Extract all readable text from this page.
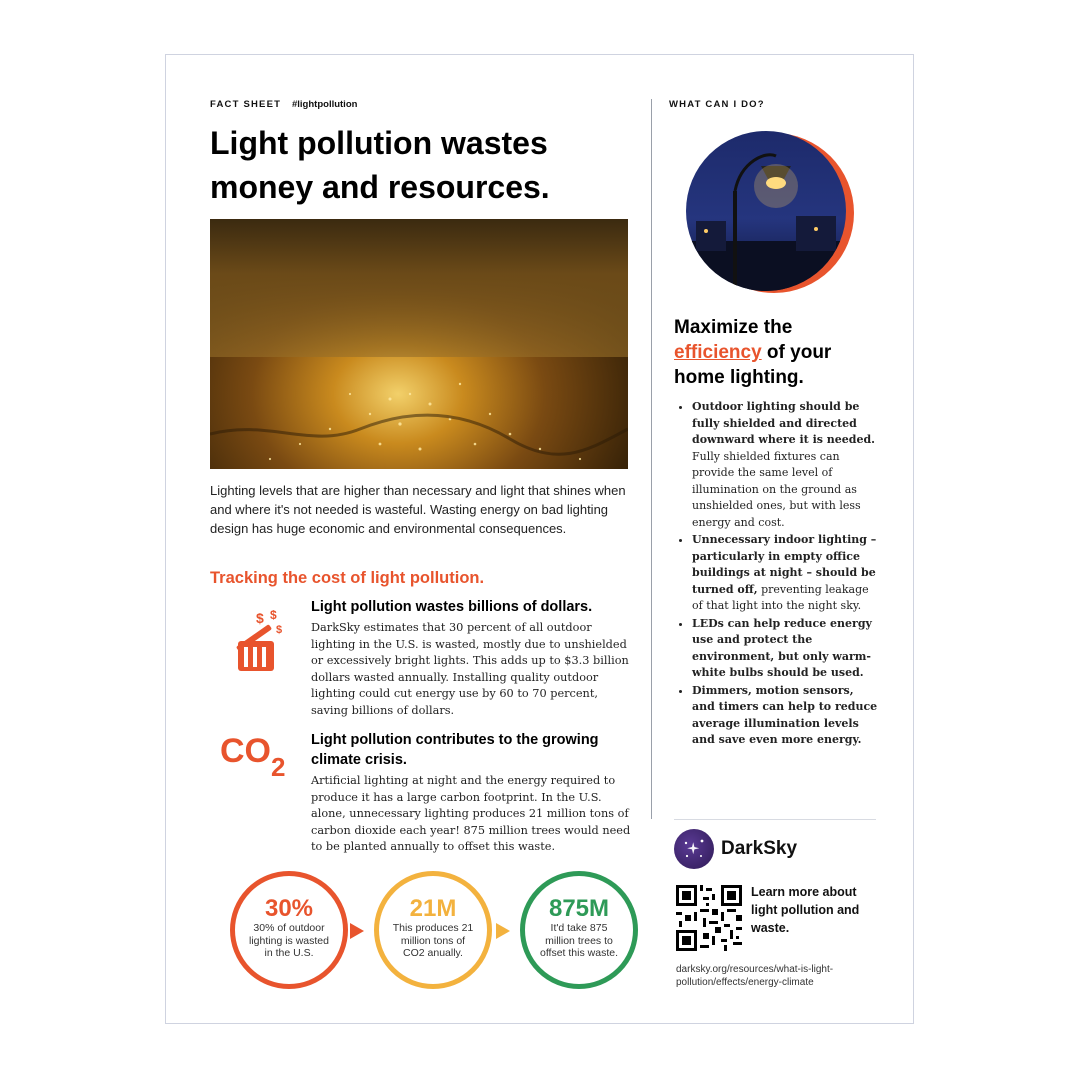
FACT SHEET #lightpollution
Light pollution wastes
money and resources.
Lighting levels that are higher than necessary and light that shines when and where it's not needed is wasteful. Wasting energy on bad lighting design has huge economic and environmental consequences.
Tracking the cost of light pollution.
$ $
$
Light pollution wastes billions of dollars.
DarkSky estimates that 30 percent of all outdoor lighting in the U.S. is wasted, mostly due to unshielded or excessively bright lights. This adds up to $3.3 billion dollars wasted annually. Installing quality outdoor lighting could cut energy use by 60 to 70 percent, saving billions of dollars.
CO2
Light pollution contributes to the growing climate crisis.
Artificial lighting at night and the energy required to produce it has a large carbon footprint. In the U.S. alone, unnecessary lighting produces 21 million tons of carbon dioxide each year! 875 million trees would need to be planted annually to offset this waste.
30%
30% of outdoor lighting is wasted in the U.S.
21M
This produces 21 million tons of CO2 anually.
875M
It'd take 875 million trees to offset this waste.
WHAT CAN I DO?
Maximize the
efficiency of your
home lighting.
• Outdoor lighting should be fully shielded and directed downward where it is needed. Fully shielded fixtures can provide the same level of illumination on the ground as unshielded ones, but with less energy and cost.
• Unnecessary indoor lighting – particularly in empty office buildings at night – should be turned off, preventing leakage of that light into the night sky.
• LEDs can help reduce energy use and protect the environment, but only warm-white bulbs should be used.
• Dimmers, motion sensors, and timers can help to reduce average illumination levels and save even more energy.
DarkSky
Learn more about light pollution and waste.
darksky.org/resources/what-is-light-pollution/effects/energy-climate
